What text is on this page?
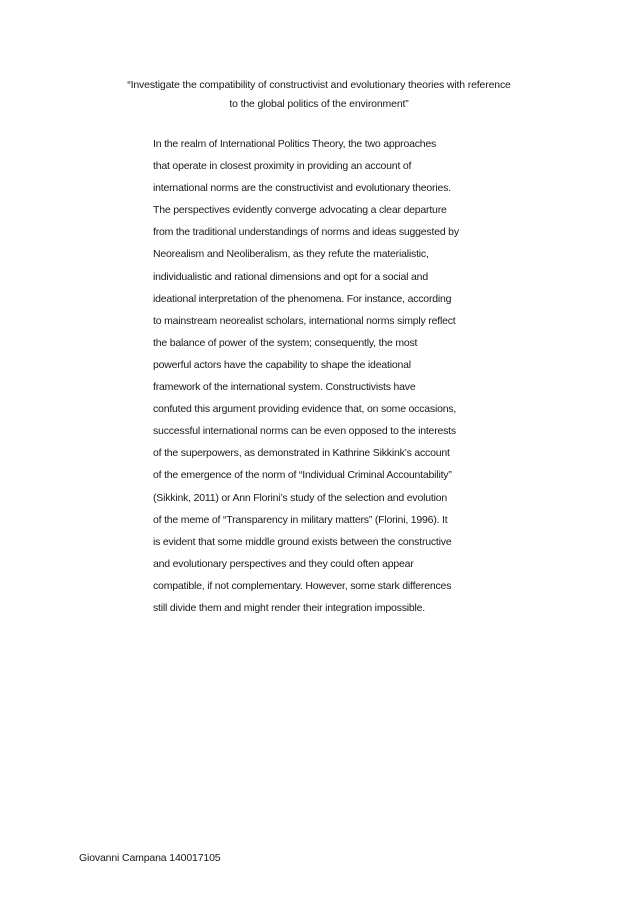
“Investigate the compatibility of constructivist and evolutionary theories with reference
to the global politics of the environment”
In the realm of International Politics Theory, the two approaches
that operate in closest proximity in providing an account of
international norms are the constructivist and evolutionary theories.
The perspectives evidently converge advocating a clear departure
from the traditional understandings of norms and ideas suggested by
Neorealism and Neoliberalism, as they refute the materialistic,
individualistic and rational dimensions and opt for a social and
ideational interpretation of the phenomena. For instance, according
to mainstream neorealist scholars, international norms simply reflect
the balance of power of the system; consequently, the most
powerful actors have the capability to shape the ideational
framework of the international system. Constructivists have
confuted this argument providing evidence that, on some occasions,
successful international norms can be even opposed to the interests
of the superpowers, as demonstrated in Kathrine Sikkink’s account
of the emergence of the norm of “Individual Criminal Accountability”
(Sikkink, 2011) or Ann Florini’s study of the selection and evolution
of the meme of “Transparency in military matters” (Florini, 1996). It
is evident that some middle ground exists between the constructive
and evolutionary perspectives and they could often appear
compatible, if not complementary. However, some stark differences
still divide them and might render their integration impossible.
Giovanni Campana 140017105
